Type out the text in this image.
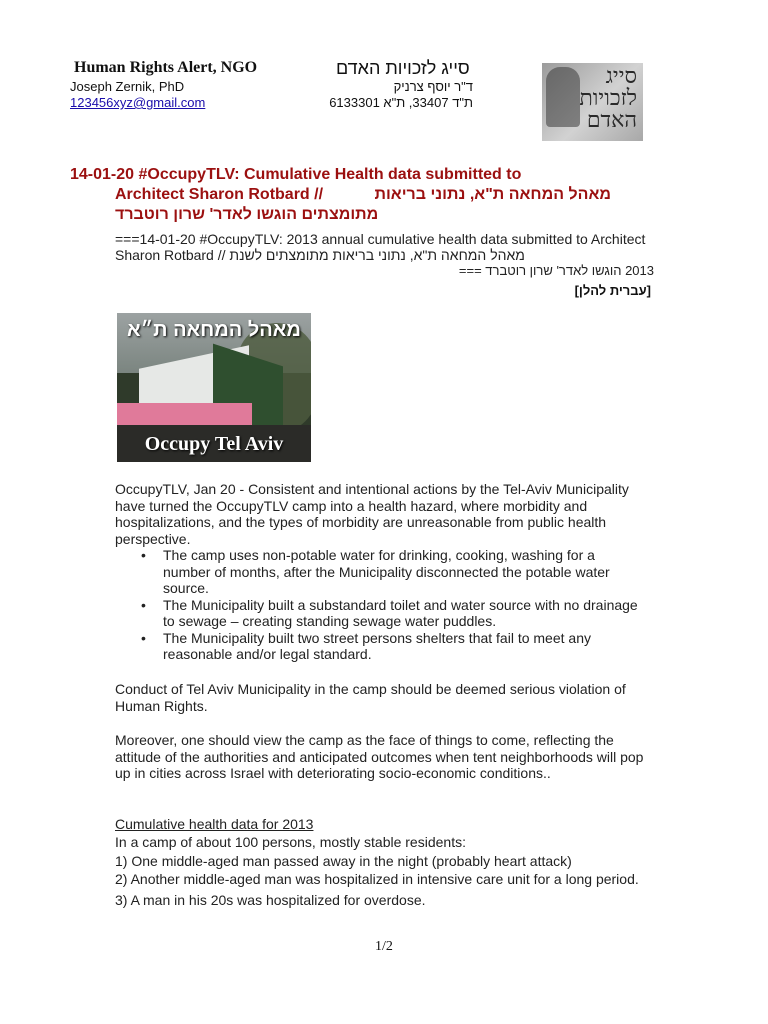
Human Rights Alert, NGO	סייג לזכויות האדם
Joseph Zernik, PhD	ד"ר יוסף צרניק
123456xyz@gmail.com	ת"ד 33407, ת"א 6133301
סייג
לזכויות
האדם
14-01-20 #OccupyTLV: Cumulative Health data submitted to
Architect Sharon Rotbard //	מאהל המחאה ת"א, נתוני בריאות
מתומצתים הוגשו לאדר' שרון רוטברד
===14-01-20 #OccupyTLV: 2013 annual cumulative health data submitted to Architect Sharon Rotbard // מאהל המחאה ת"א, נתוני בריאות מתומצתים לשנת
2013 הוגשו לאדר' שרון רוטברד ===
[עברית להלן]
מאהל המחאה ת״א
Occupy Tel Aviv
OccupyTLV, Jan 20 - Consistent and intentional actions by the Tel-Aviv Municipality have turned the OccupyTLV camp into a health hazard, where morbidity and hospitalizations, and the types of morbidity are unreasonable from public health perspective.
• The camp uses non-potable water for drinking, cooking, washing for a number of months, after the Municipality disconnected the potable water source.
• The Municipality built a substandard toilet and water source with no drainage to sewage – creating standing sewage water puddles.
• The Municipality built two street persons shelters that fail to meet any reasonable and/or legal standard.
Conduct of Tel Aviv Municipality in the camp should be deemed serious violation of Human Rights.
Moreover, one should view the camp as the face of things to come, reflecting the attitude of the authorities and anticipated outcomes when tent neighborhoods will pop up in cities across Israel with deteriorating socio-economic conditions..
Cumulative health data for 2013
In a camp of about 100 persons, mostly stable residents:
1) One middle-aged man passed away in the night (probably heart attack)
2) Another middle-aged man was hospitalized in intensive care unit for a long period.
3) A man in his 20s was hospitalized for overdose.
1/2
